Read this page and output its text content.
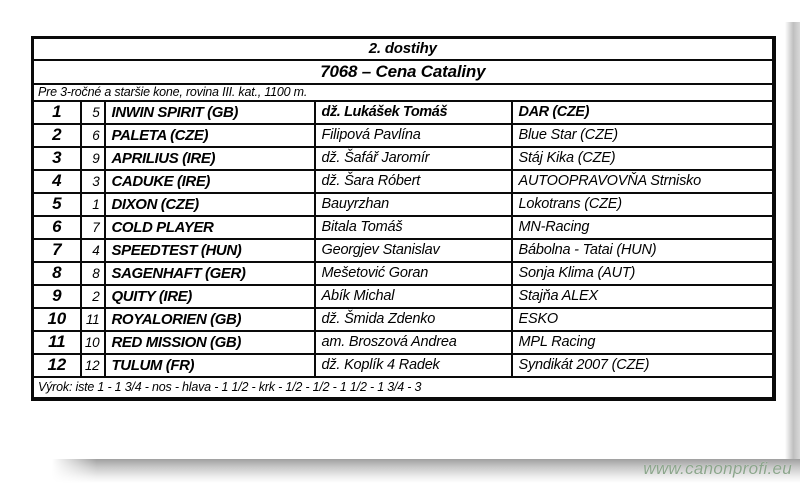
2. dostihy				
7068 – Cena Cataliny				
Pre 3-ročné a staršie kone, rovina III. kat., 1100 m.				
1	5	INWIN SPIRIT (GB)	dž. Lukášek Tomáš	DAR (CZE)
2	6	PALETA (CZE)	Filipová Pavlína	Blue Star (CZE)
3	9	APRILIUS (IRE)	dž. Šafář Jaromír	Stáj Kika (CZE)
4	3	CADUKE (IRE)	dž. Šara Róbert	AUTOOPRAVOVŇA Strnisko
5	1	DIXON (CZE)	Bauyrzhan	Lokotrans (CZE)
6	7	COLD PLAYER	Bitala Tomáš	MN-Racing
7	4	SPEEDTEST (HUN)	Georgjev Stanislav	Bábolna - Tatai (HUN)
8	8	SAGENHAFT (GER)	Mešetović Goran	Sonja Klima (AUT)
9	2	QUITY (IRE)	Abík Michal	Stajňa ALEX
10	11	ROYALORIEN (GB)	dž. Šmida Zdenko	ESKO
11	10	RED MISSION (GB)	am. Broszová Andrea	MPL Racing
12	12	TULUM (FR)	dž. Koplík 4 Radek	Syndikát 2007 (CZE)
Výrok: iste 1 - 1 3/4 - nos - hlava - 1 1/2 - krk - 1/2 - 1/2 - 1 1/2 - 1 3/4 - 3				
www.canonprofi.eu
